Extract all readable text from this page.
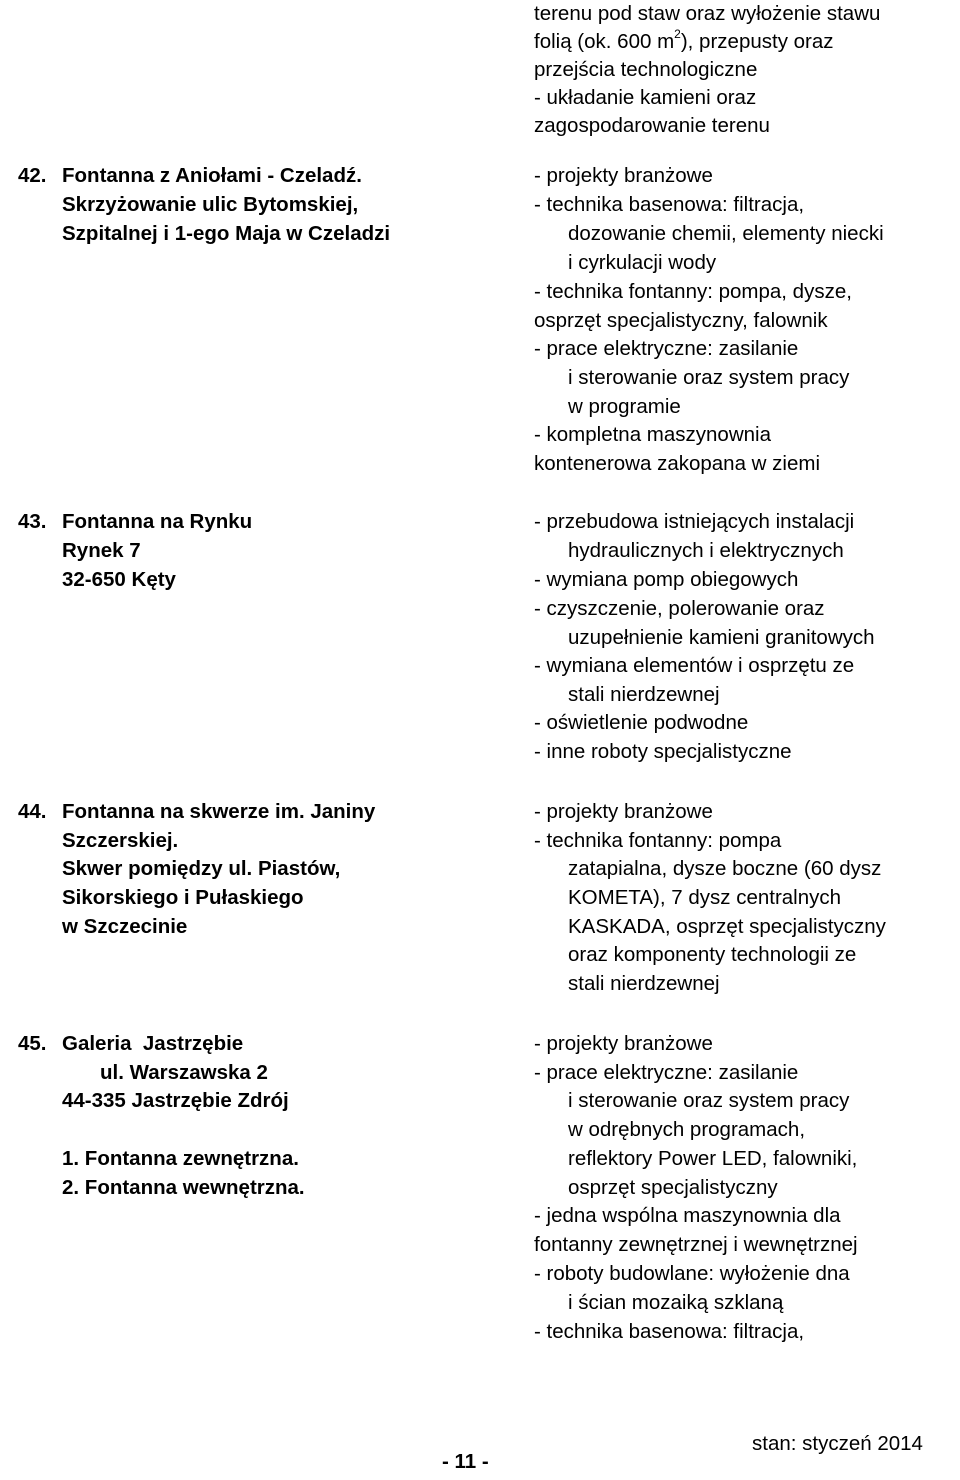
terenu pod staw oraz wyłożenie stawu
folią (ok. 600 $m^2$), przepusty oraz
przejścia technologiczne
- układanie kamieni oraz
zagospodarowanie terenu
42. Fontanna z Aniołami - Czeladź.
Skrzyżowanie ulic Bytomskiej,
Szpitalnej i 1-ego Maja w Czeladzi
- projekty branżowe
- technika basenowa: filtracja,
dozowanie chemii, elementy niecki
i cyrkulacji wody
- technika fontanny: pompa, dysze,
osprzęt specjalistyczny, falownik
- prace elektryczne: zasilanie
i sterowanie oraz system pracy
w programie
- kompletna maszynownia
kontenerowa zakopana w ziemi
43. Fontanna na Rynku
Rynek 7
32-650 Kęty
- przebudowa istniejących instalacji
hydraulicznych i elektrycznych
- wymiana pomp obiegowych
- czyszczenie, polerowanie oraz
uzupełnienie kamieni granitowych
- wymiana elementów i osprzętu ze
stali nierdzewnej
- oświetlenie podwodne
- inne roboty specjalistyczne
44. Fontanna na skwerze im. Janiny
Szczerskiej.
Skwer pomiędzy ul. Piastów,
Sikorskiego i Pułaskiego
w Szczecinie
- projekty branżowe
- technika fontanny: pompa
zatapialna, dysze boczne (60 dysz
KOMETA), 7 dysz centralnych
KASKADA, osprzęt specjalistyczny
oraz komponenty technologii ze
stali nierdzewnej
45. Galeria  Jastrzębie
ul. Warszawska 2
44-335 Jastrzębie Zdrój
1. Fontanna zewnętrzna.
2. Fontanna wewnętrzna.
- projekty branżowe
- prace elektryczne: zasilanie
i sterowanie oraz system pracy
w odrębnych programach,
reflektory Power LED, falowniki,
osprzęt specjalistyczny
- jedna wspólna maszynownia dla
fontanny zewnętrznej i wewnętrznej
- roboty budowlane: wyłożenie dna
i ścian mozaiką szklaną
- technika basenowa: filtracja,
- 11 -
stan: styczeń 2014
